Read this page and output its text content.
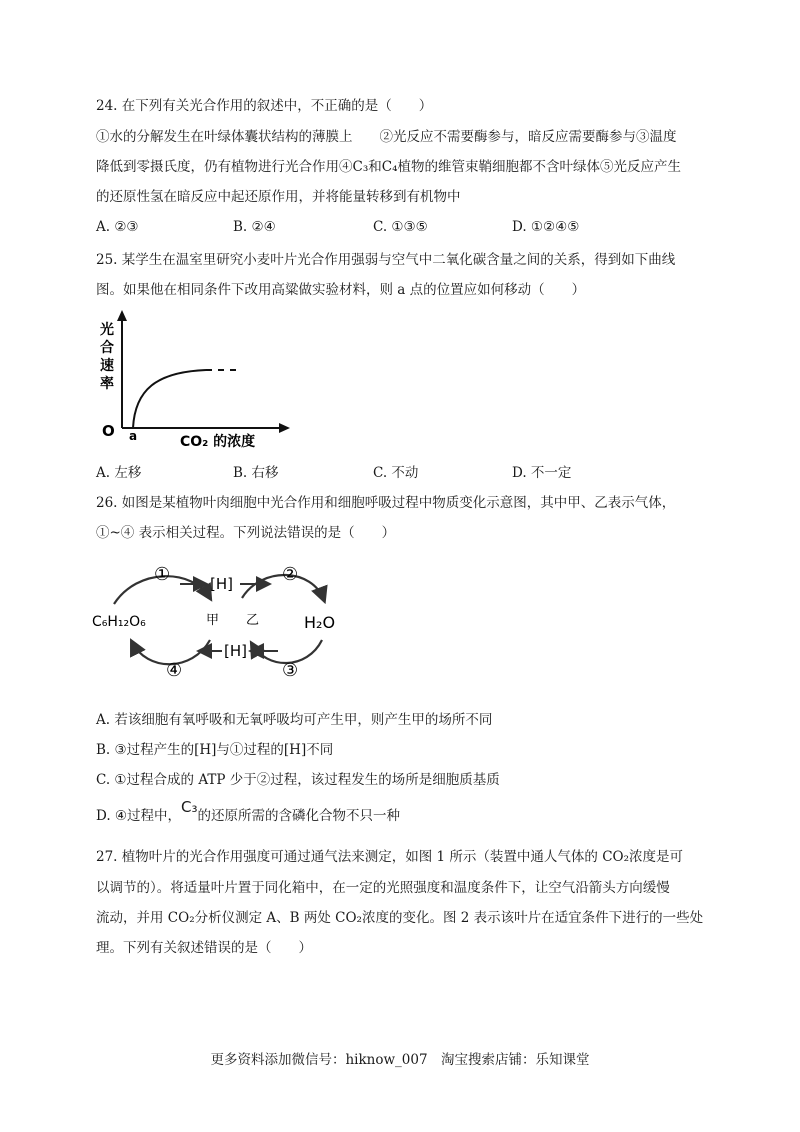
24. 在下列有关光合作用的叙述中，不正确的是（　　）
①水的分解发生在叶绿体囊状结构的薄膜上　　②光反应不需要酶参与，暗反应需要酶参与③温度
降低到零摄氏度，仍有植物进行光合作用④C₃和C₄植物的维管束鞘细胞都不含叶绿体⑤光反应产生
的还原性氢在暗反应中起还原作用，并将能量转移到有机物中
A. ②③	B. ②④	C. ①③⑤	D. ①②④⑤
25. 某学生在温室里研究小麦叶片光合作用强弱与空气中二氧化碳含量之间的关系，得到如下曲线
图。如果他在相同条件下改用高粱做实验材料，则 a 点的位置应如何移动（　　）
光
合
速
率
O a	CO₂ 的浓度
A. 左移	B. 右移	C. 不动	D. 不一定
26. 如图是某植物叶肉细胞中光合作用和细胞呼吸过程中物质变化示意图，其中甲、乙表示气体，
①~④ 表示相关过程。下列说法错误的是（　　）
①	②
③
④
[H]
[H]
甲 乙
C₆H₁₂O₆	H₂O
A. 若该细胞有氧呼吸和无氧呼吸均可产生甲，则产生甲的场所不同
B. ③过程产生的[H]与①过程的[H]不同
C. ①过程合成的 ATP 少于②过程，该过程发生的场所是细胞质基质
D. ④过程中，C₃的还原所需的含磷化合物不只一种
27. 植物叶片的光合作用强度可通过通气法来测定，如图 1 所示（装置中通人气体的 CO₂浓度是可
以调节的）。将适量叶片置于同化箱中，在一定的光照强度和温度条件下，让空气沿箭头方向缓慢
流动，并用 CO₂分析仪测定 A、B 两处 CO₂浓度的变化。图 2 表示该叶片在适宜条件下进行的一些处
理。下列有关叙述错误的是（　　）
更多资料添加微信号：hiknow_007　淘宝搜索店铺：乐知课堂
